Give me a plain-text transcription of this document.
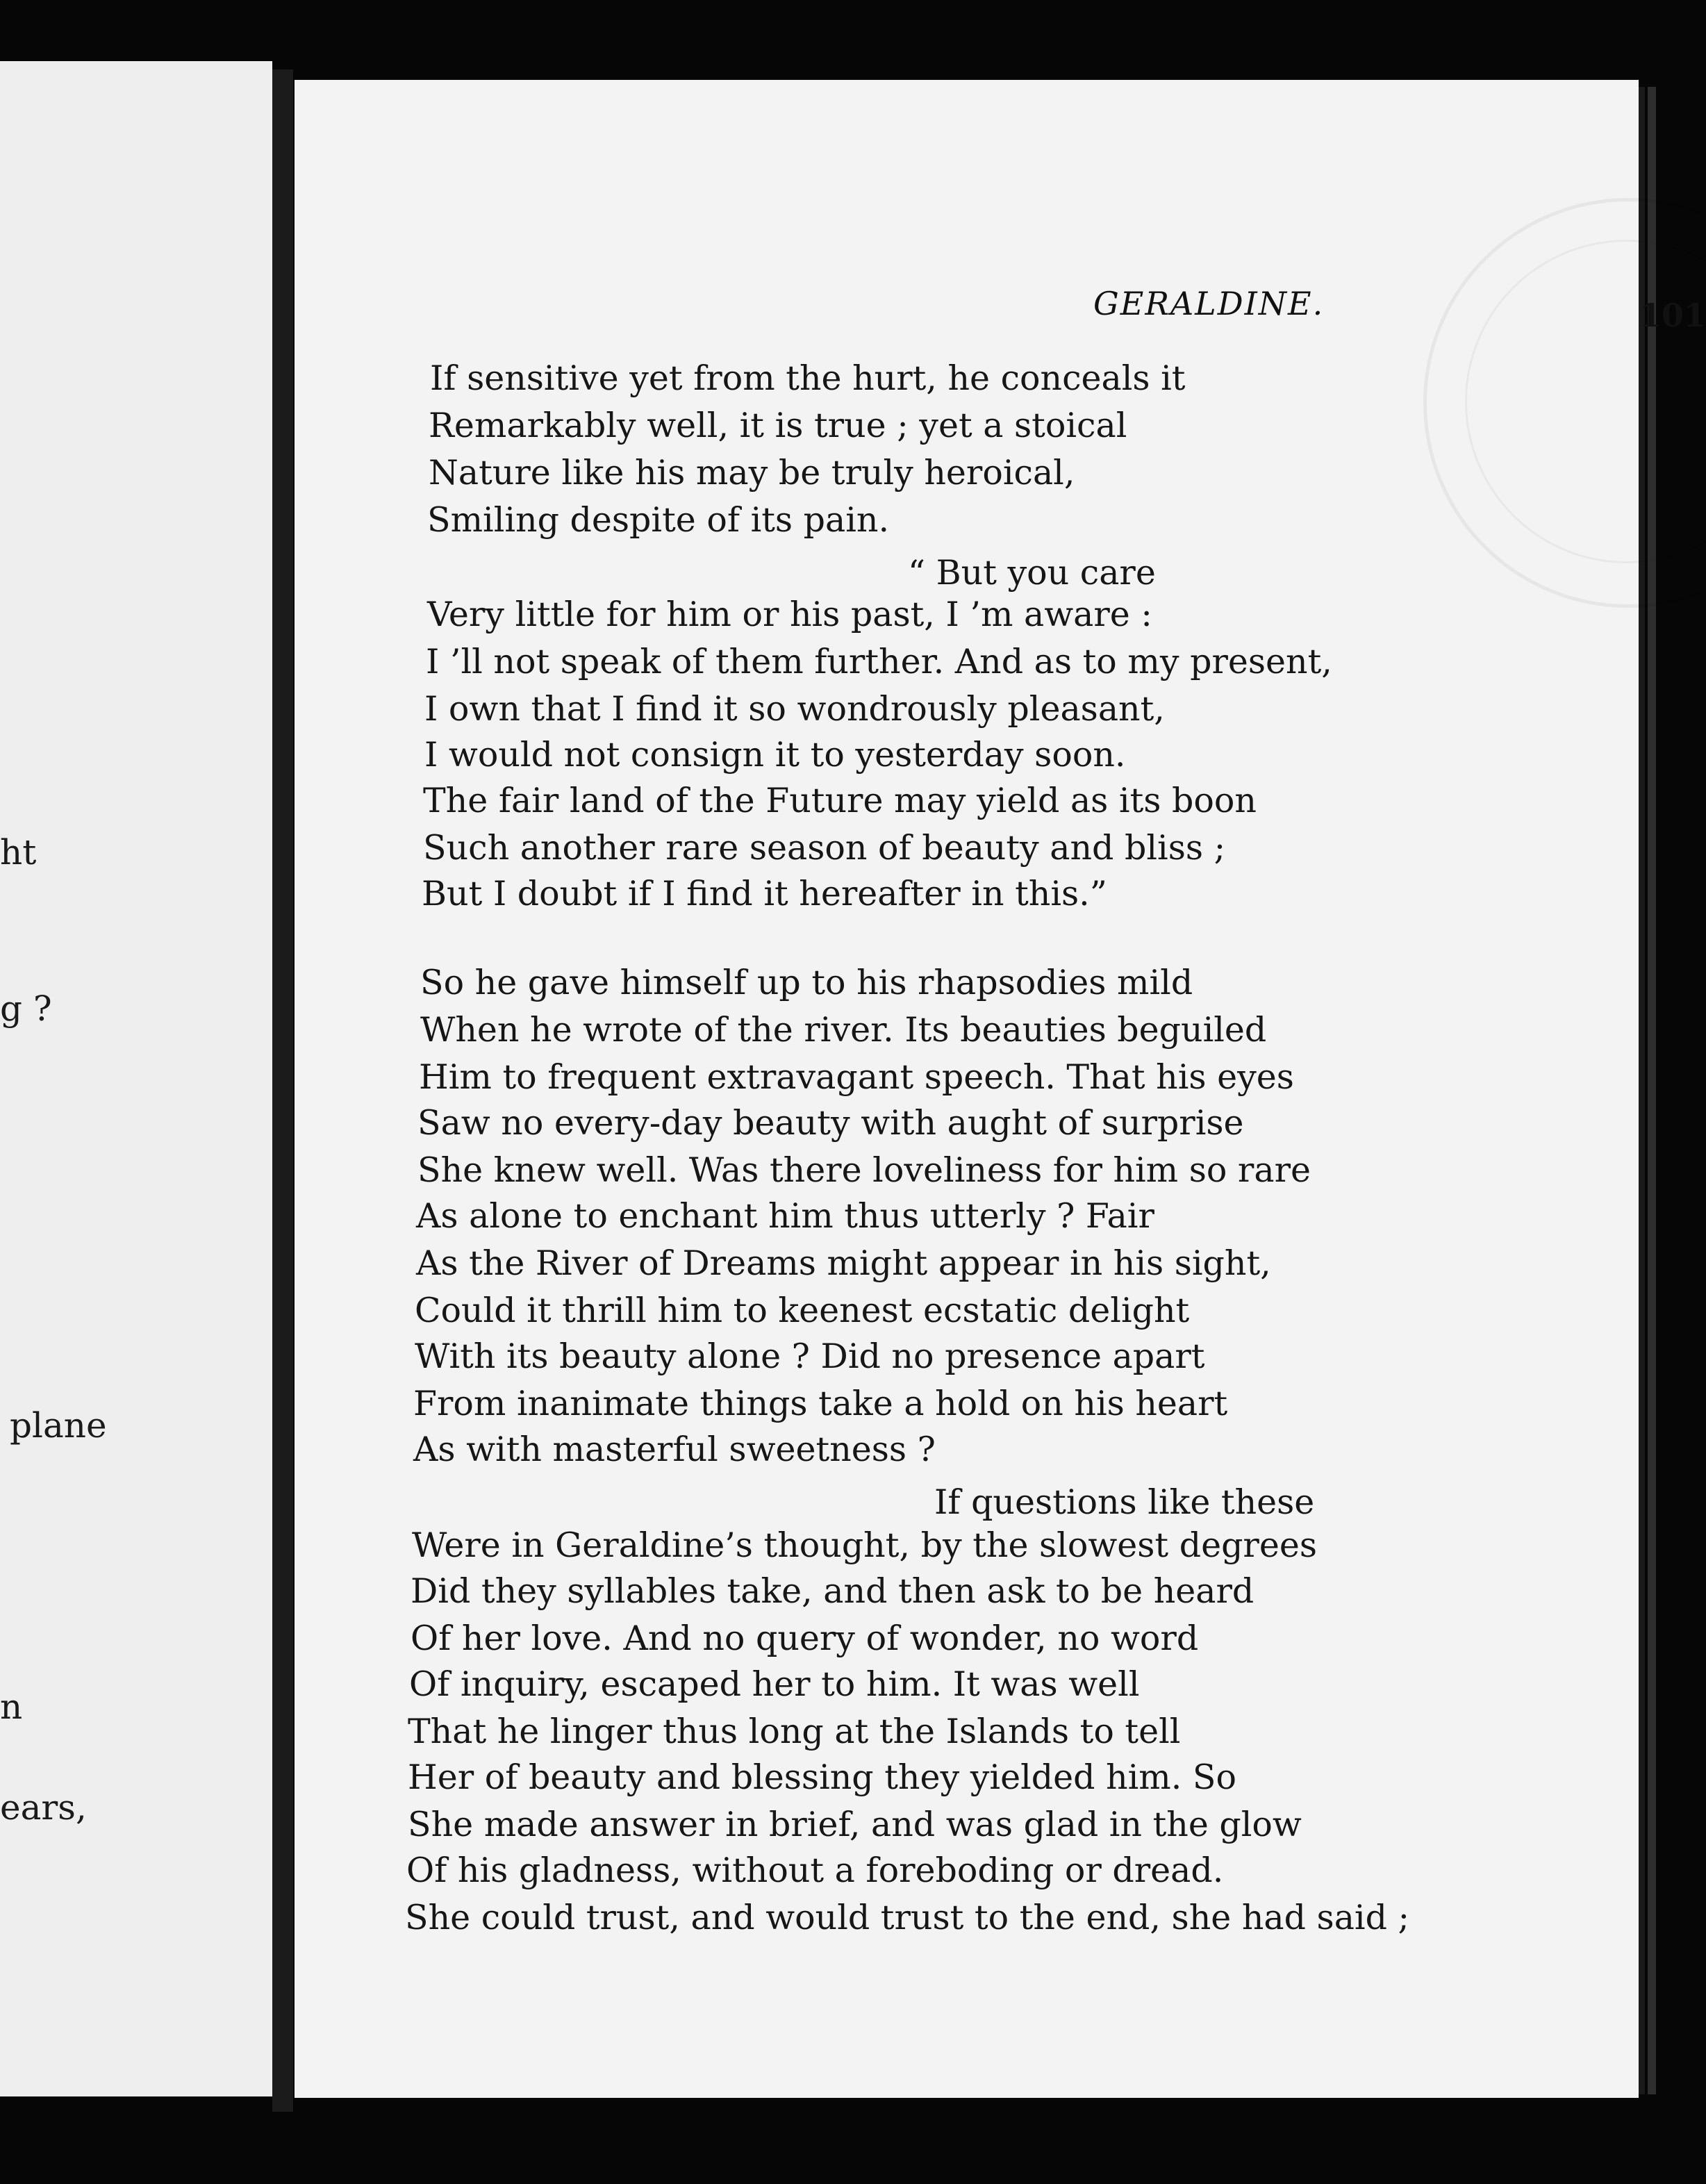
ht
g ?
plane
n
ears,
GERALDINE.	101
If sensitive yet from the hurt, he conceals it
Remarkably well, it is true ; yet a stoical
Nature like his may be truly heroical,
Smiling despite of its pain.
“ But you care
Very little for him or his past, I ’m aware :
I ’ll not speak of them further. And as to my present,
I own that I find it so wondrously pleasant,
I would not consign it to yesterday soon.
The fair land of the Future may yield as its boon
Such another rare season of beauty and bliss ;
But I doubt if I find it hereafter in this.”
So he gave himself up to his rhapsodies mild
When he wrote of the river. Its beauties beguiled
Him to frequent extravagant speech. That his eyes
Saw no every-day beauty with aught of surprise
She knew well. Was there loveliness for him so rare
As alone to enchant him thus utterly ? Fair
As the River of Dreams might appear in his sight,
Could it thrill him to keenest ecstatic delight
With its beauty alone ? Did no presence apart
From inanimate things take a hold on his heart
As with masterful sweetness ?
If questions like these
Were in Geraldine’s thought, by the slowest degrees
Did they syllables take, and then ask to be heard
Of her love. And no query of wonder, no word
Of inquiry, escaped her to him. It was well
That he linger thus long at the Islands to tell
Her of beauty and blessing they yielded him. So
She made answer in brief, and was glad in the glow
Of his gladness, without a foreboding or dread.
She could trust, and would trust to the end, she had said ;
